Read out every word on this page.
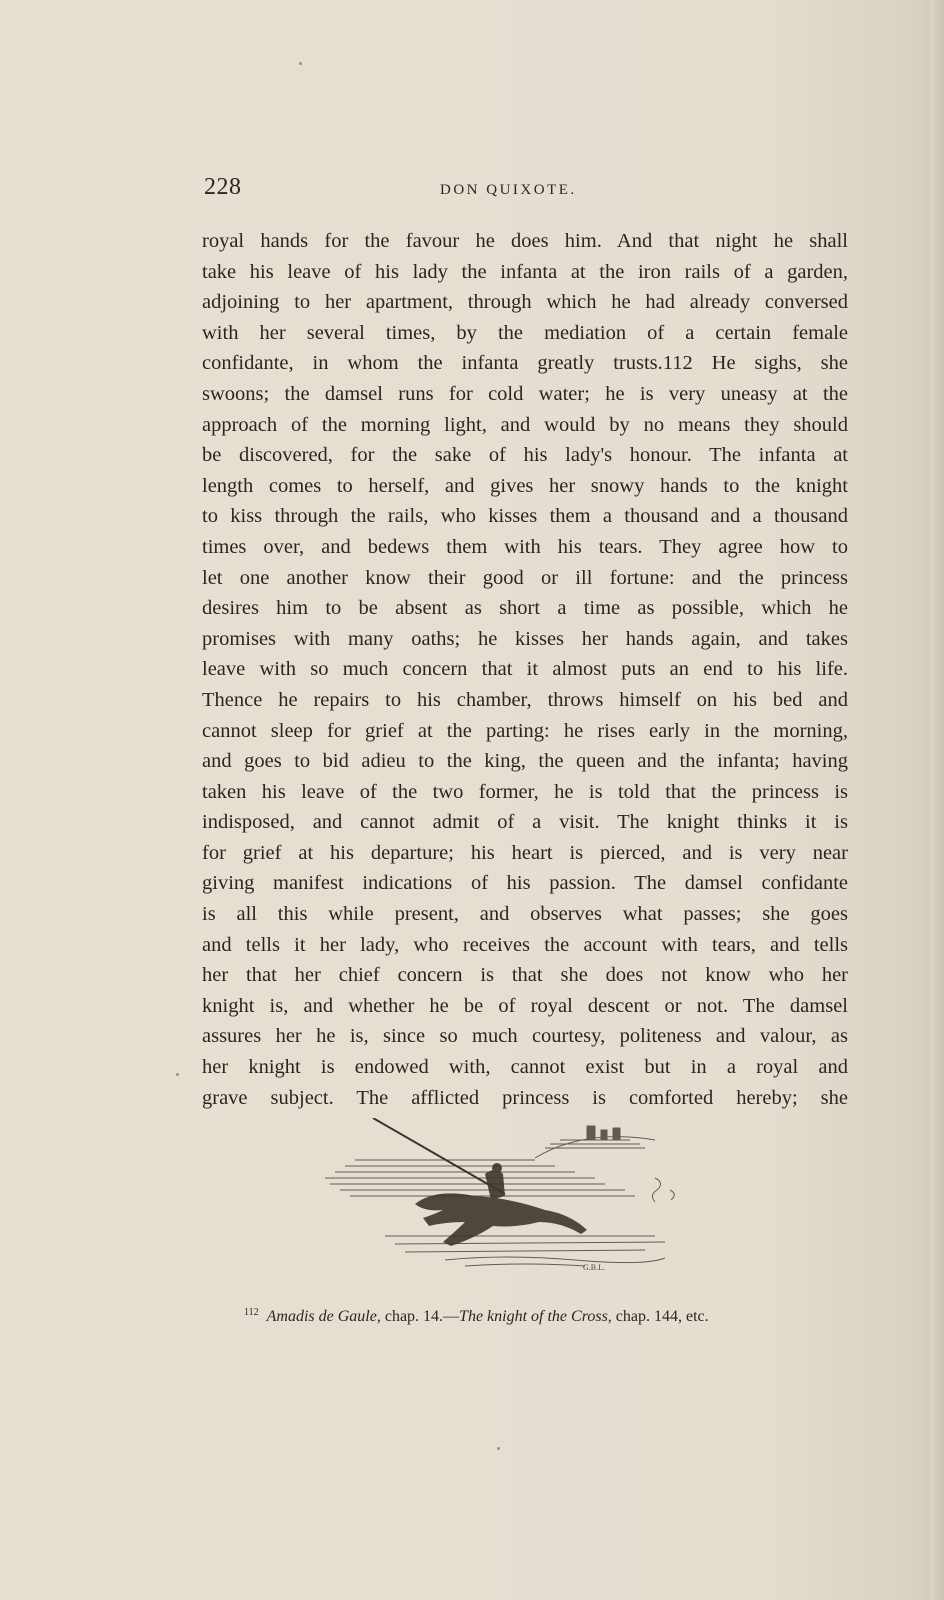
228	DON QUIXOTE.
royal hands for the favour he does him. And that night he shall
take his leave of his lady the infanta at the iron rails of a garden,
adjoining to her apartment, through which he had already conversed
with her several times, by the mediation of a certain female
confidante, in whom the infanta greatly trusts.112 He sighs, she
swoons; the damsel runs for cold water; he is very uneasy at the
approach of the morning light, and would by no means they should
be discovered, for the sake of his lady's honour. The infanta at
length comes to herself, and gives her snowy hands to the knight
to kiss through the rails, who kisses them a thousand and a thousand
times over, and bedews them with his tears. They agree how to
let one another know their good or ill fortune: and the princess
desires him to be absent as short a time as possible, which he
promises with many oaths; he kisses her hands again, and takes
leave with so much concern that it almost puts an end to his life.
Thence he repairs to his chamber, throws himself on his bed and
cannot sleep for grief at the parting: he rises early in the morning,
and goes to bid adieu to the king, the queen and the infanta; having
taken his leave of the two former, he is told that the princess is
indisposed, and cannot admit of a visit. The knight thinks it is
for grief at his departure; his heart is pierced, and is very near
giving manifest indications of his passion. The damsel confidante
is all this while present, and observes what passes; she goes
and tells it her lady, who receives the account with tears, and tells
her that her chief concern is that she does not know who her
knight is, and whether he be of royal descent or not. The damsel
assures her he is, since so much courtesy, politeness and valour, as
her knight is endowed with, cannot exist but in a royal and
grave subject. The afflicted princess is comforted hereby; she
G.B.L.
$^{112}$ Amadis de Gaule, chap. 14.—The knight of the Cross, chap. 144, etc.
